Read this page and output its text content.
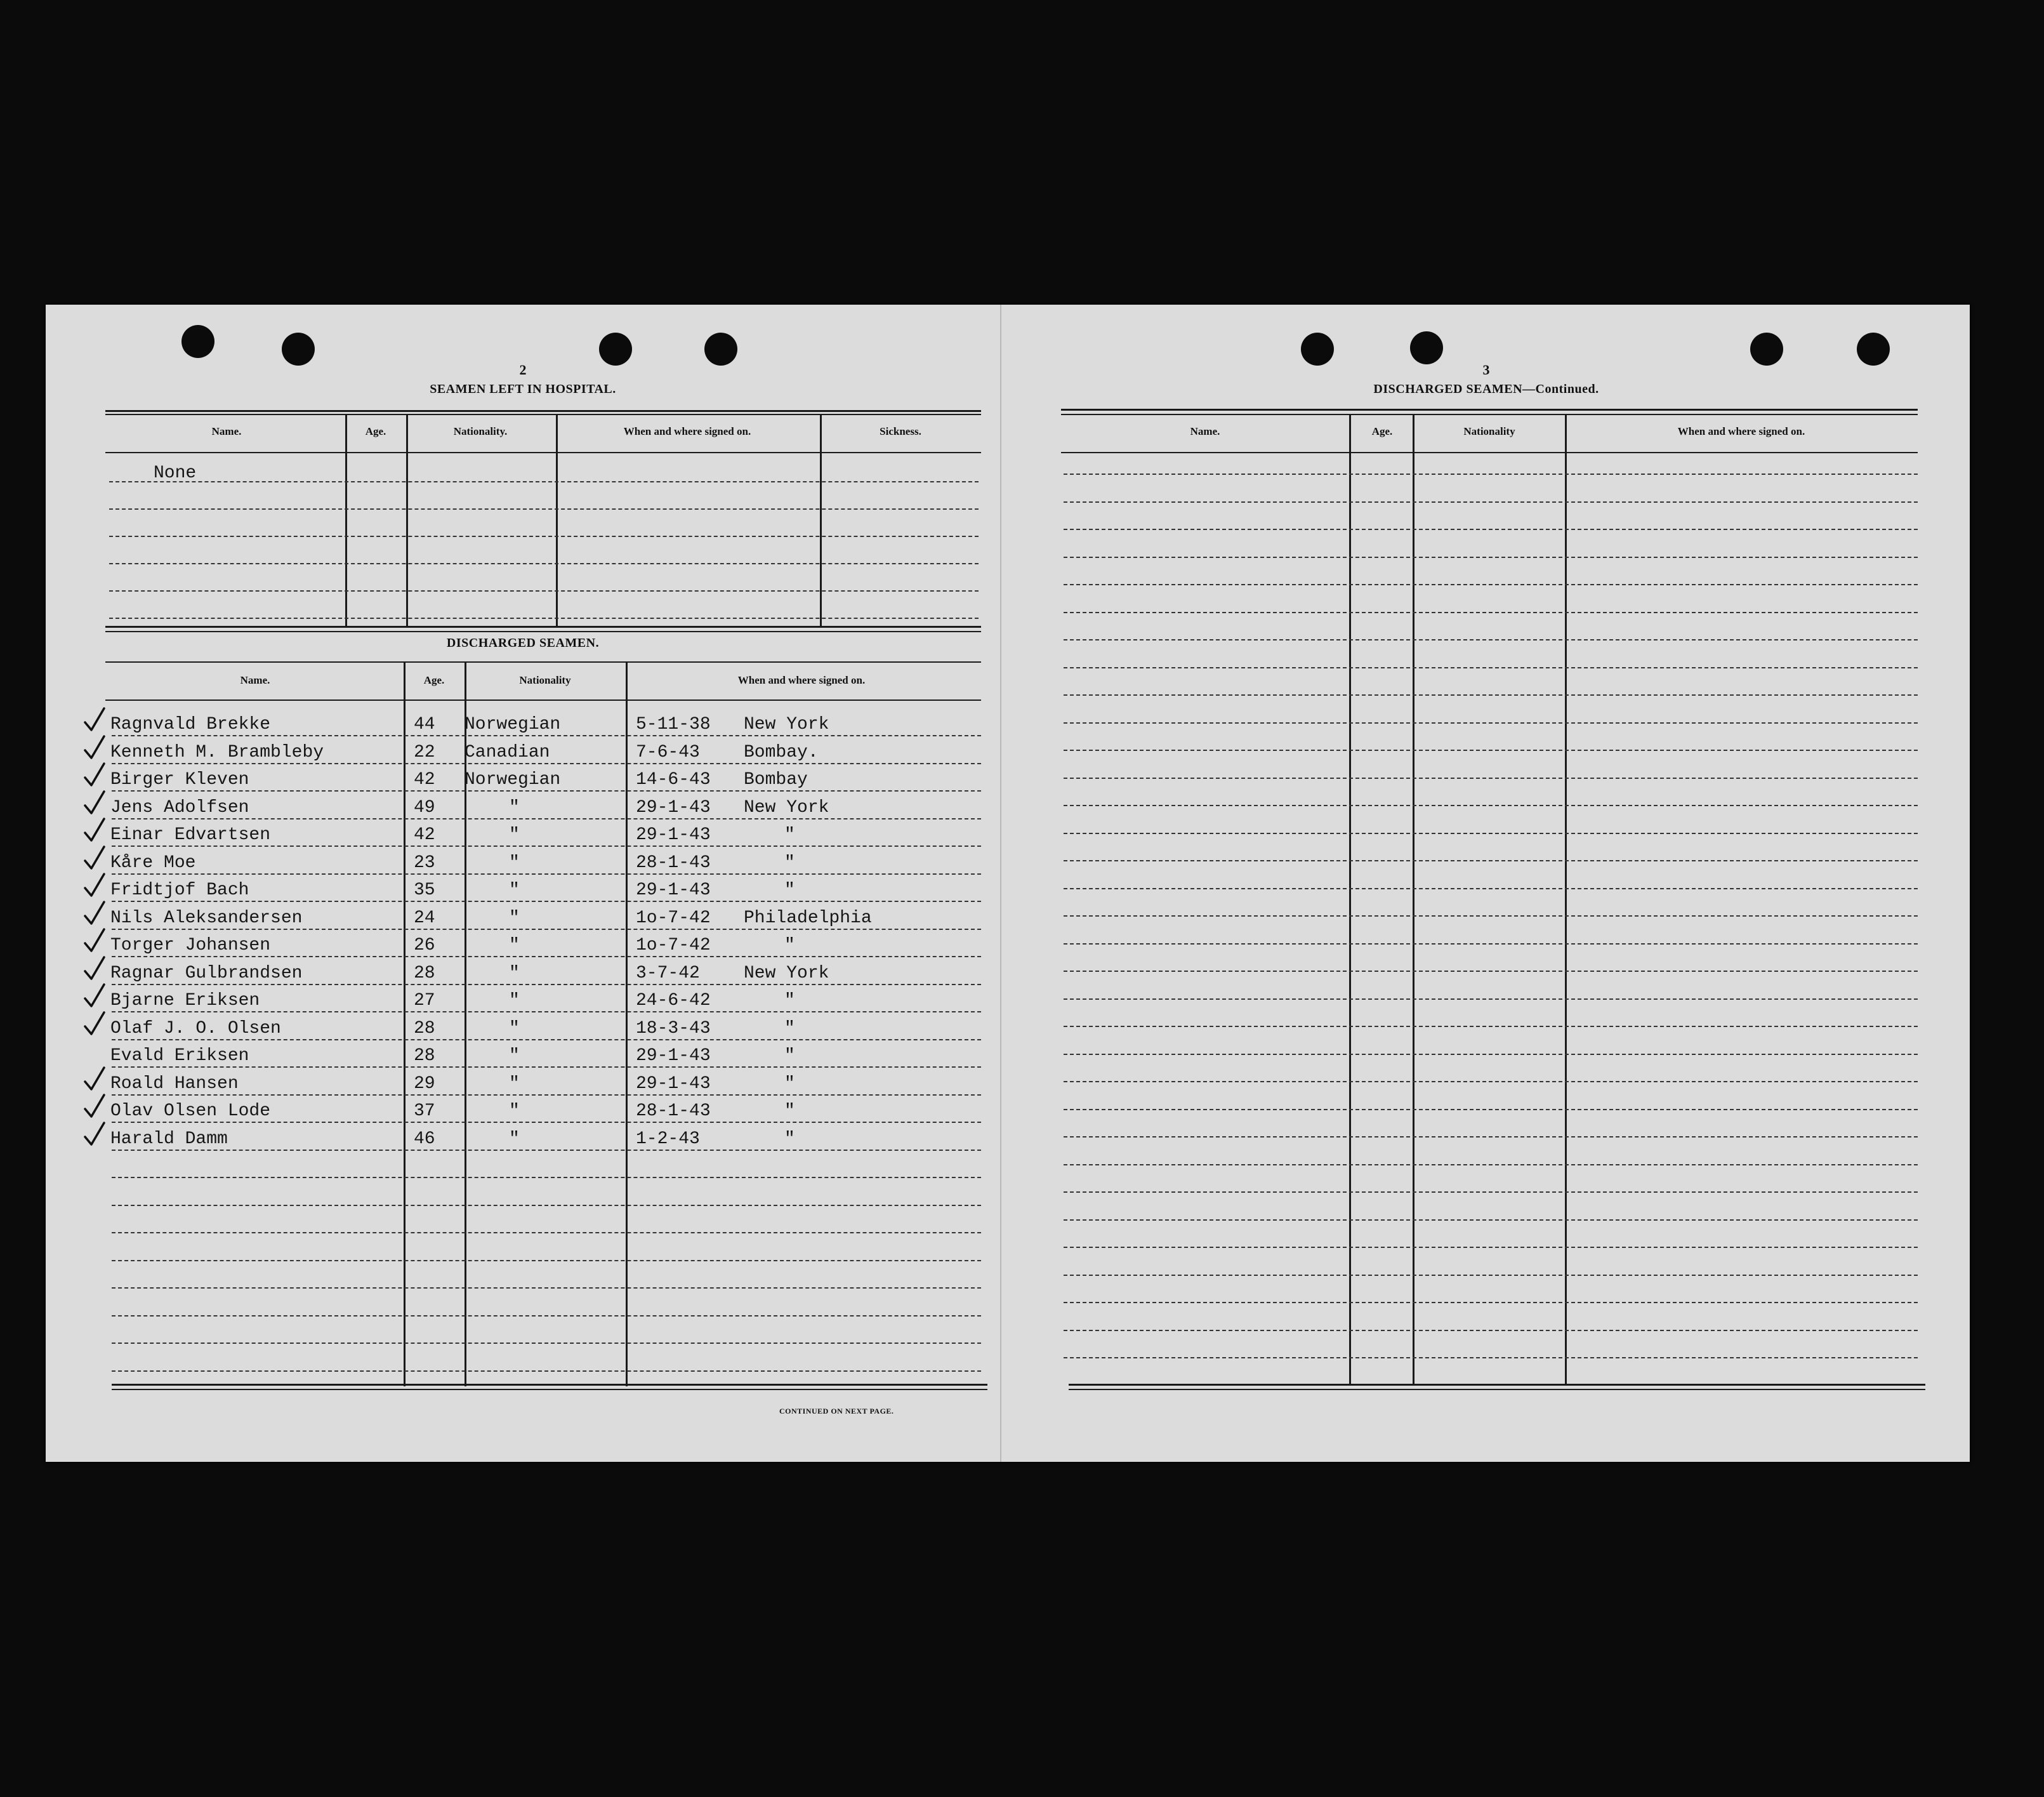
2
SEAMEN LEFT IN HOSPITAL.
Name.	Age.	Nationality.	When and where signed on.	Sickness.
None
DISCHARGED SEAMEN.
Name.	Age.	Nationality	When and where signed on.
Ragnvald Brekke	44 Norwegian	5-11-38 New York
Kenneth M. Brambleby	22 Canadian	7-6-43 Bombay.
Birger Kleven	42 Norwegian	14-6-43 Bombay
Jens Adolfsen	49	"	29-1-43 New York
Einar Edvartsen	42	"	29-1-43	"
Kåre Moe	23	"	28-1-43	"
Fridtjof Bach	35	"	29-1-43	"
Nils Aleksandersen	24	"	1o-7-42 Philadelphia
Torger Johansen	26	"	1o-7-42	"
Ragnar Gulbrandsen	28	"	3-7-42 New York
Bjarne Eriksen	27	"	24-6-42	"
Olaf J. O. Olsen	28	"	18-3-43	"
Evald Eriksen	28	"	29-1-43	"
Roald Hansen	29	"	29-1-43	"
Olav Olsen Lode	37	"	28-1-43	"
Harald Damm	46	"	1-2-43	"
CONTINUED ON NEXT PAGE.
3
DISCHARGED SEAMEN—Continued.
Name.	Age.	Nationality	When and where signed on.
